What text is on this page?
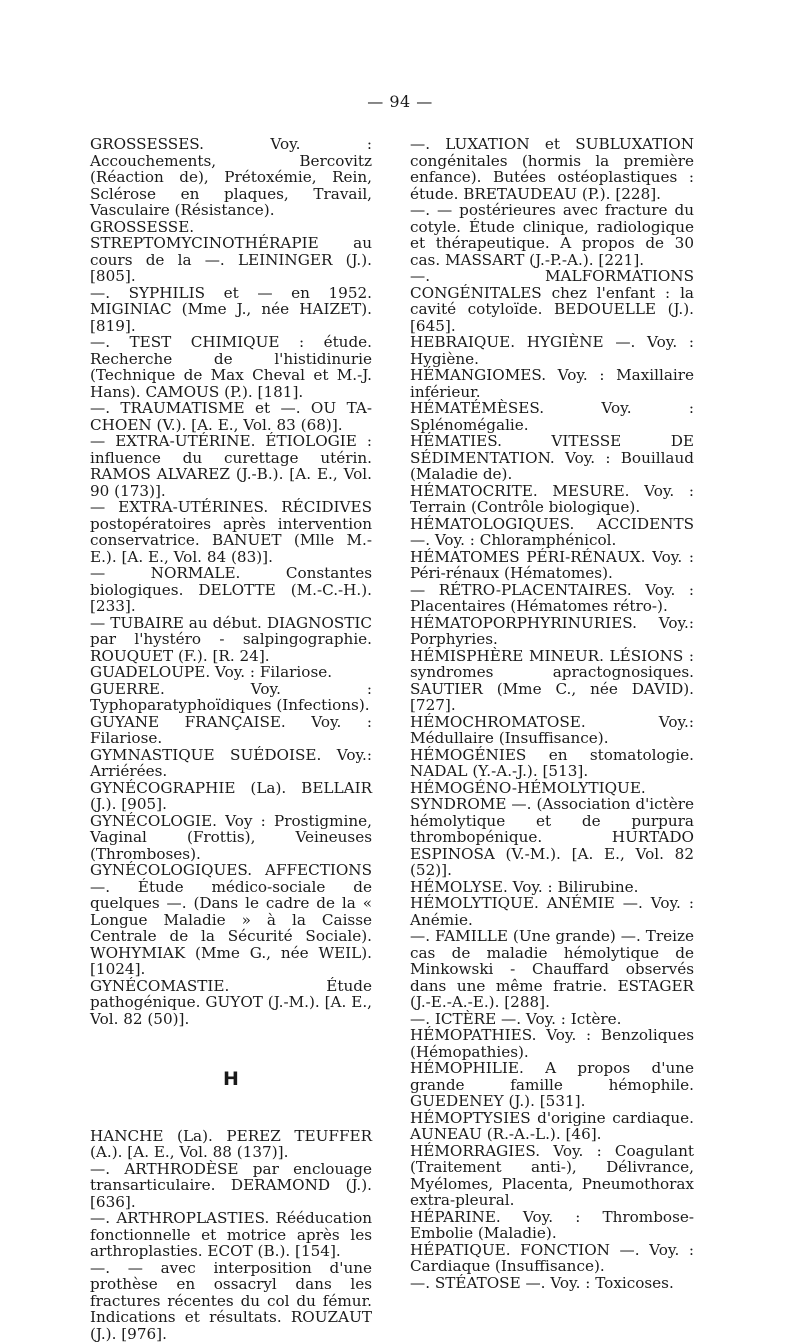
— 94 —

GROSSESSES. Voy. : Accouchements, Bercovitz (Réaction de), Prétoxémie, Rein, Sclérose en plaques, Travail, Vasculaire (Résistance).

GROSSESSE. STREPTOMYCINOTHÉRAPIE au cours de la —. LEININGER (J.). [805].

—. SYPHILIS et — en 1952. MIGINIAC (Mme J., née HAIZET). [819].

—. TEST CHIMIQUE : étude. Recherche de l'histidinurie (Technique de Max Cheval et M.-J. Hans). CAMOUS (P.). [181].

—. TRAUMATISME et —. OU TA-CHOEN (V.). [A. E., Vol. 83 (68)].

— EXTRA-UTÉRINE. ÉTIOLOGIE : influence du curettage utérin. RAMOS ALVAREZ (J.-B.). [A. E., Vol. 90 (173)].

— EXTRA-UTÉRINES. RÉCIDIVES postopératoires après intervention conservatrice. BANUET (Mlle M.-E.). [A. E., Vol. 84 (83)].

— NORMALE. Constantes biologiques. DELOTTE (M.-C.-H.). [233].

— TUBAIRE au début. DIAGNOSTIC par l'hystéro - salpingographie. ROUQUET (F.). [R. 24].

GUADELOUPE. Voy. : Filariose.

GUERRE. Voy. : Typhoparatyphoïdiques (Infections).

GUYANE FRANÇAISE. Voy. : Filariose.

GYMNASTIQUE SUÉDOISE. Voy.: Arriérées.

GYNÉCOGRAPHIE (La). BELLAIR (J.). [905].

GYNÉCOLOGIE. Voy : Prostigmine, Vaginal (Frottis), Veineuses (Thromboses).

GYNÉCOLOGIQUES. AFFECTIONS —. Étude médico-sociale de quelques —. (Dans le cadre de la « Longue Maladie » à la Caisse Centrale de la Sécurité Sociale). WOHYMIAK (Mme G., née WEIL). [1024].

GYNÉCOMASTIE. Étude pathogénique. GUYOT (J.-M.). [A. E., Vol. 82 (50)].

H

HANCHE (La). PEREZ TEUFFER (A.). [A. E., Vol. 88 (137)].

—. ARTHRODÈSE par enclouage transarticulaire. DERAMOND (J.). [636].

—. ARTHROPLASTIES. Rééducation fonctionnelle et motrice après les arthroplasties. ECOT (B.). [154].

—. — avec interposition d'une prothèse en ossacryl dans les fractures récentes du col du fémur. Indications et résultats. ROUZAUT (J.). [976].

—. LUXATION et SUBLUXATION congénitales (hormis la première enfance). Butées ostéoplastiques : étude. BRETAUDEAU (P.). [228].

—. — postérieures avec fracture du cotyle. Étude clinique, radiologique et thérapeutique. A propos de 30 cas. MASSART (J.-P.-A.). [221].

—. MALFORMATIONS CONGÉNITALES chez l'enfant : la cavité cotyloïde. BEDOUELLE (J.). [645].

HEBRAIQUE. HYGIÈNE —. Voy. : Hygiène.

HÉMANGIOMES. Voy. : Maxillaire inférieur.

HÉMATÉMÈSES. Voy. : Splénomégalie.

HÉMATIES. VITESSE DE SÉDIMENTATION. Voy. : Bouillaud (Maladie de).

HÉMATOCRITE. MESURE. Voy. : Terrain (Contrôle biologique).

HÉMATOLOGIQUES. ACCIDENTS —. Voy. : Chloramphénicol.

HÉMATOMES PÉRI-RÉNAUX. Voy. : Péri-rénaux (Hématomes).

— RÉTRO-PLACENTAIRES. Voy. : Placentaires (Hématomes rétro-).

HÉMATOPORPHYRINURIES. Voy.: Porphyries.

HÉMISPHÈRE MINEUR. LÉSIONS : syndromes apractognosiques. SAUTIER (Mme C., née DAVID). [727].

HÉMOCHROMATOSE. Voy.: Médullaire (Insuffisance).

HÉMOGÉNIES en stomatologie. NADAL (Y.-A.-J.). [513].

HÉMOGÉNO-HÉMOLYTIQUE. SYNDROME —. (Association d'ictère hémolytique et de purpura thrombopénique. HURTADO ESPINOSA (V.-M.). [A. E., Vol. 82 (52)].

HÉMOLYSE. Voy. : Bilirubine.

HÉMOLYTIQUE. ANÉMIE —. Voy. : Anémie.

—. FAMILLE (Une grande) —. Treize cas de maladie hémolytique de Minkowski - Chauffard observés dans une même fratrie. ESTAGER (J.-E.-A.-E.). [288].

—. ICTÈRE —. Voy. : Ictère.

HÉMOPATHIES. Voy. : Benzoliques (Hémopathies).

HÉMOPHILIE. A propos d'une grande famille hémophile. GUEDENEY (J.). [531].

HÉMOPTYSIES d'origine cardiaque. AUNEAU (R.-A.-L.). [46].

HÉMORRAGIES. Voy. : Coagulant (Traitement anti-), Délivrance, Myélomes, Placenta, Pneumothorax extra-pleural.

HÉPARINE. Voy. : Thrombose-Embolie (Maladie).

HÉPATIQUE. FONCTION —. Voy. : Cardiaque (Insuffisance).

—. STÉATOSE —. Voy. : Toxicoses.
